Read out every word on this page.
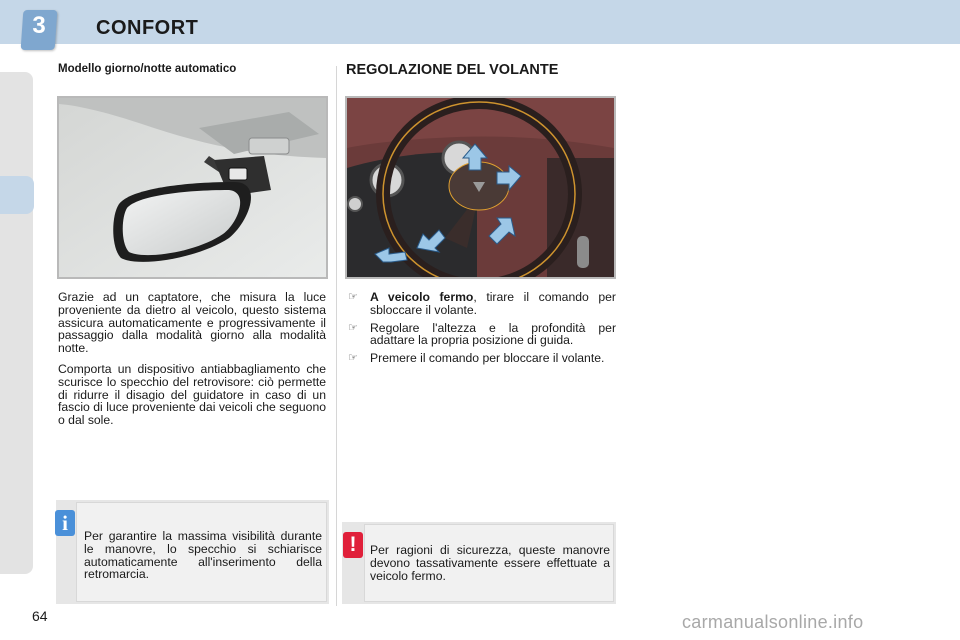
3	CONFORT
Modello giorno/notte automatico
Grazie ad un captatore, che misura la luce proveniente da dietro al veicolo, questo sistema assicura automaticamente e progressivamente il passaggio dalla modalità giorno alla modalità notte.
Comporta un dispositivo antiabbagliamento che scurisce lo specchio del retrovisore: ciò permette di ridurre il disagio del guidatore in caso di un fascio di luce proveniente dai veicoli che seguono o dal sole.
i
Per garantire la massima visibilità durante le manovre, lo specchio si schiarisce automaticamente all'inserimento della retromarcia.
REGOLAZIONE DEL VOLANTE
☞ A veicolo fermo, tirare il comando per sbloccare il volante.
☞ Regolare l'altezza e la profondità per adattare la propria posizione di guida.
☞ Premere il comando per bloccare il volante.
!	Per ragioni di sicurezza, queste manovre devono tassativamente essere effettuate a veicolo fermo.
64	carmanualsonline.info
